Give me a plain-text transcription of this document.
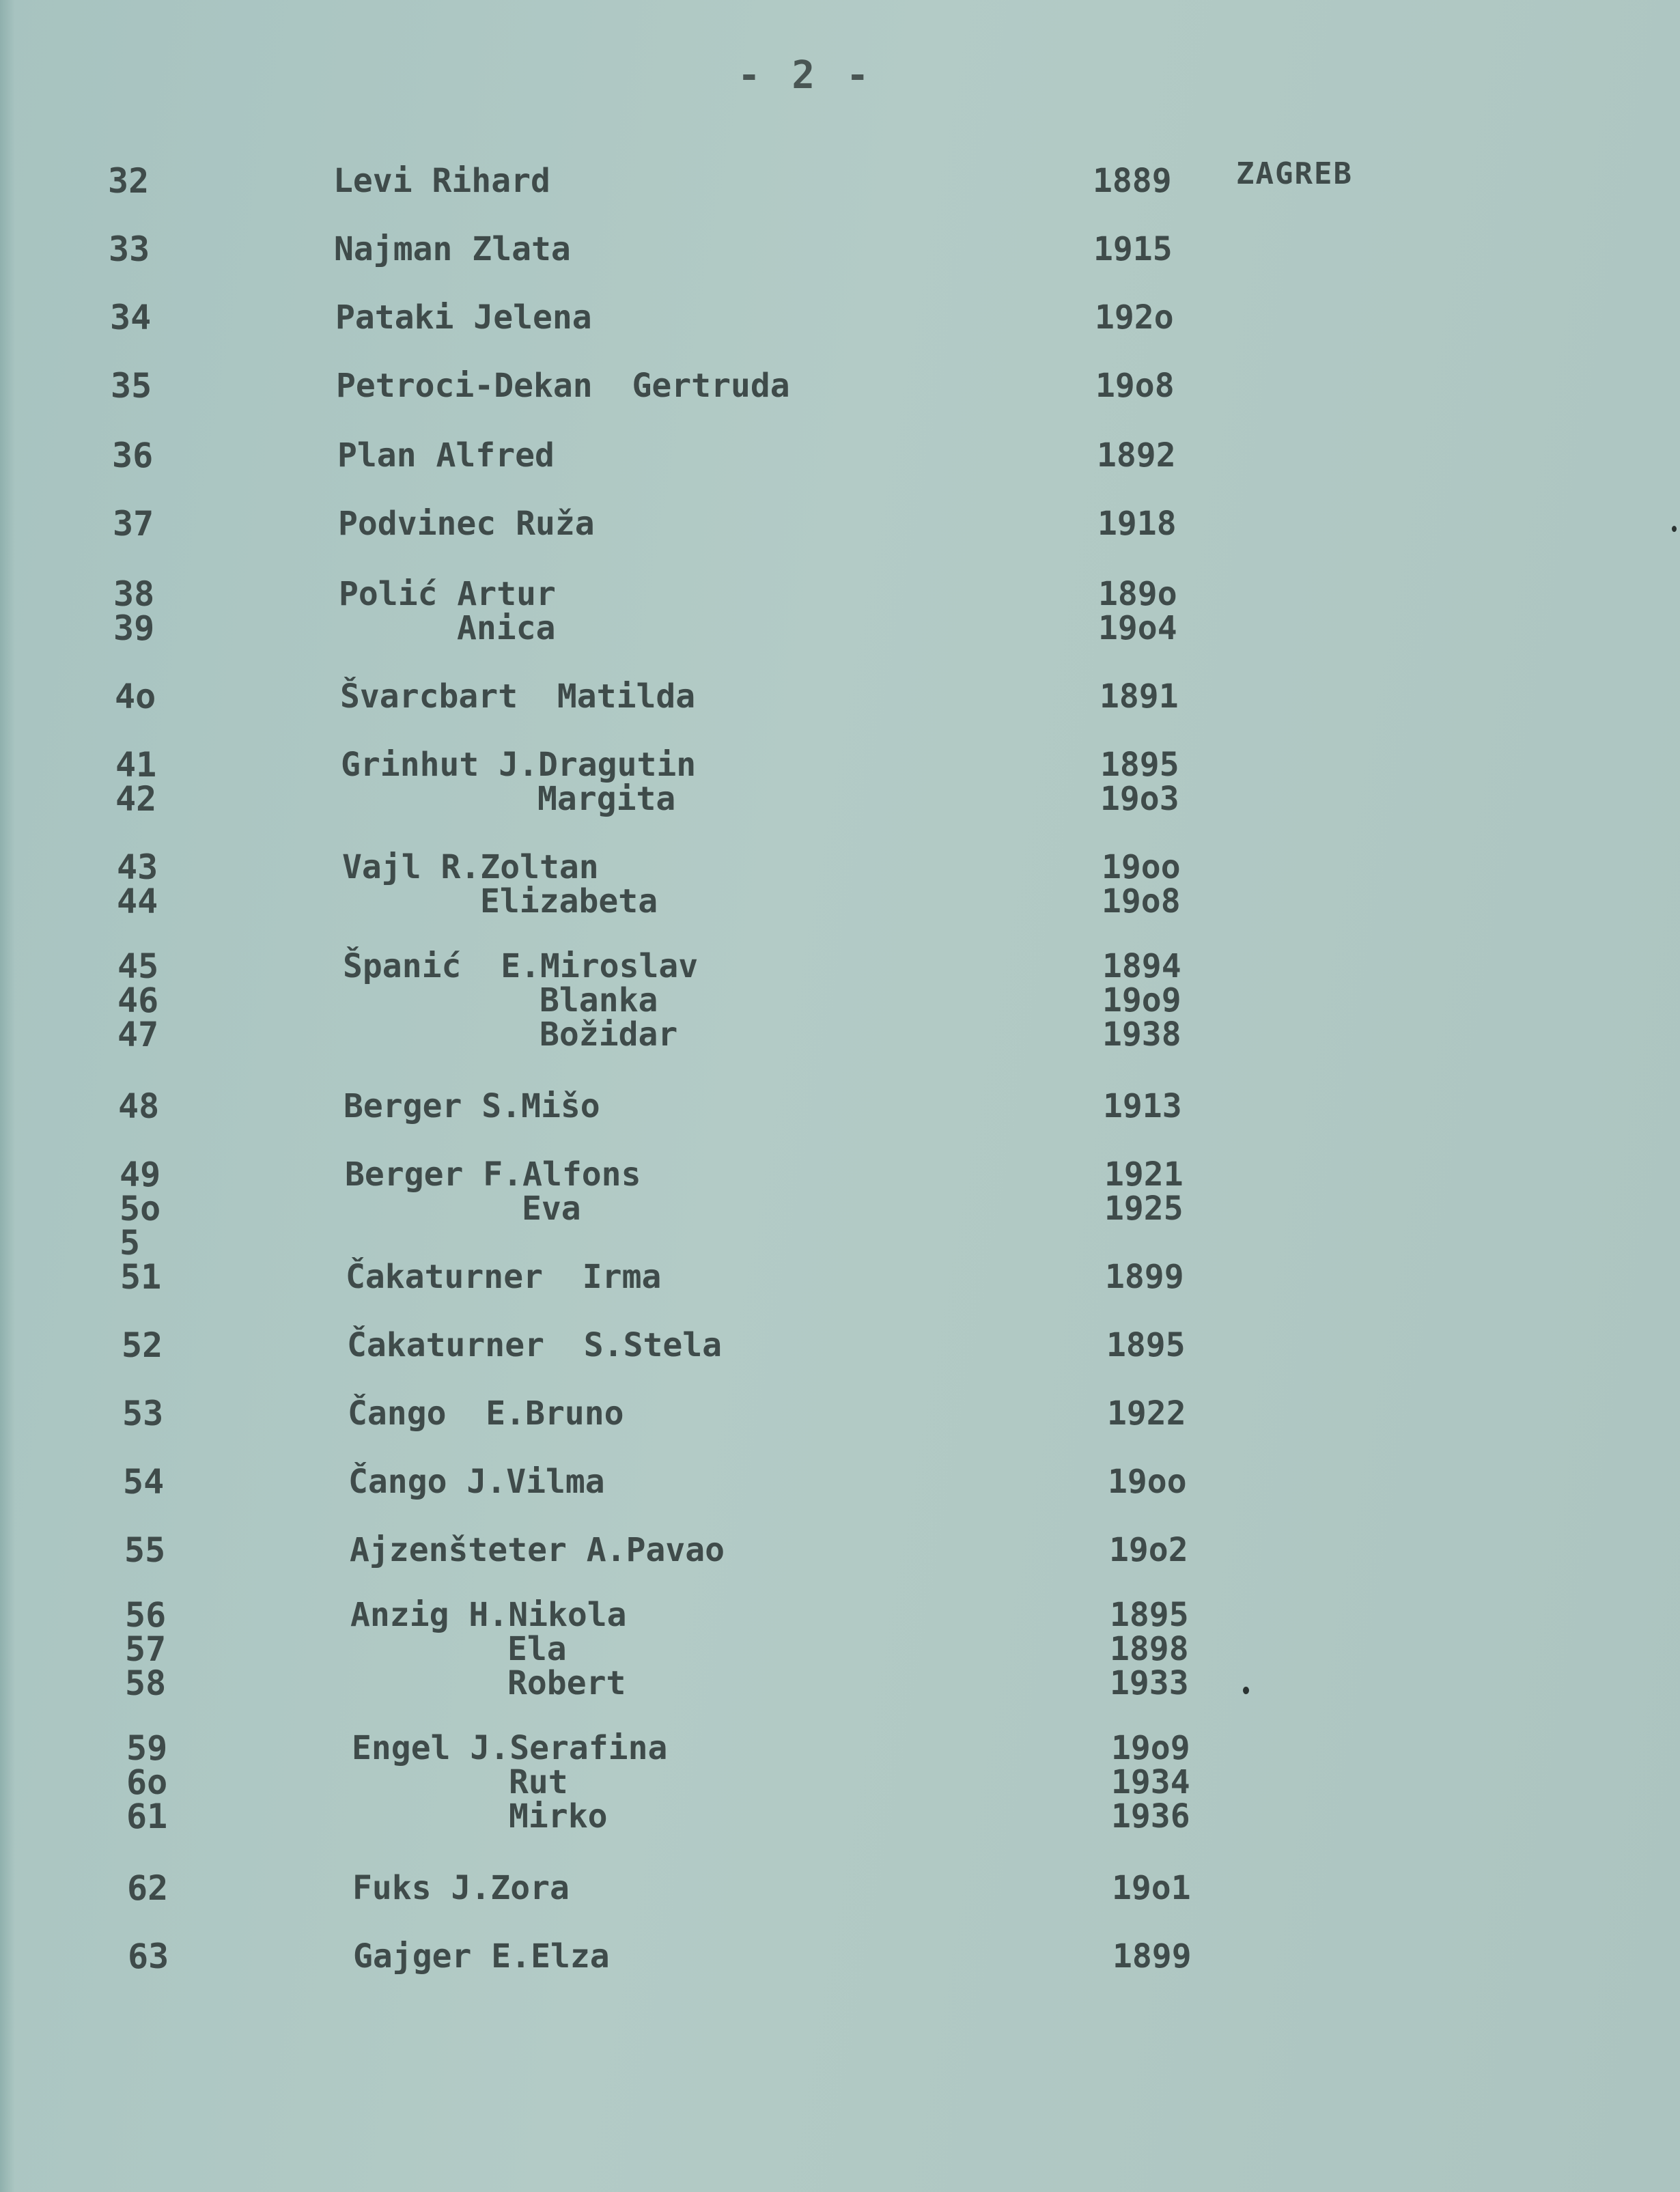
- 2 -
32	Levi Rihard	1889 ZAGREB
33	Najman Zlata	1915
34	Pataki Jelena	192o
35	Petroci-Dekan  Gertruda	19o8
36	Plan Alfred	1892
37	Podvinec Ruža	1918
38	Polić Artur	189o
39	Anica	19o4
4o	Švarcbart  Matilda	1891
41	Grinhut J.Dragutin	1895
42	Margita	19o3
43	Vajl R.Zoltan	19oo
44	Elizabeta	19o8
45	Španić  E.Miroslav	1894
46	Blanka	19o9
47	Božidar	1938
48	Berger S.Mišo	1913
49	Berger F.Alfons	1921
5o	Eva	1925
5
51	Čakaturner  Irma	1899
52	Čakaturner  S.Stela	1895
53	Čango  E.Bruno	1922
54	Čango J.Vilma	19oo
55	Ajzenšteter A.Pavao	19o2
56	Anzig H.Nikola	1895
57	Ela	1898
58	Robert	1933
59	Engel J.Serafina	19o9
6o	Rut	1934
61	Mirko	1936
62	Fuks J.Zora	19o1
63	Gajger E.Elza	1899
